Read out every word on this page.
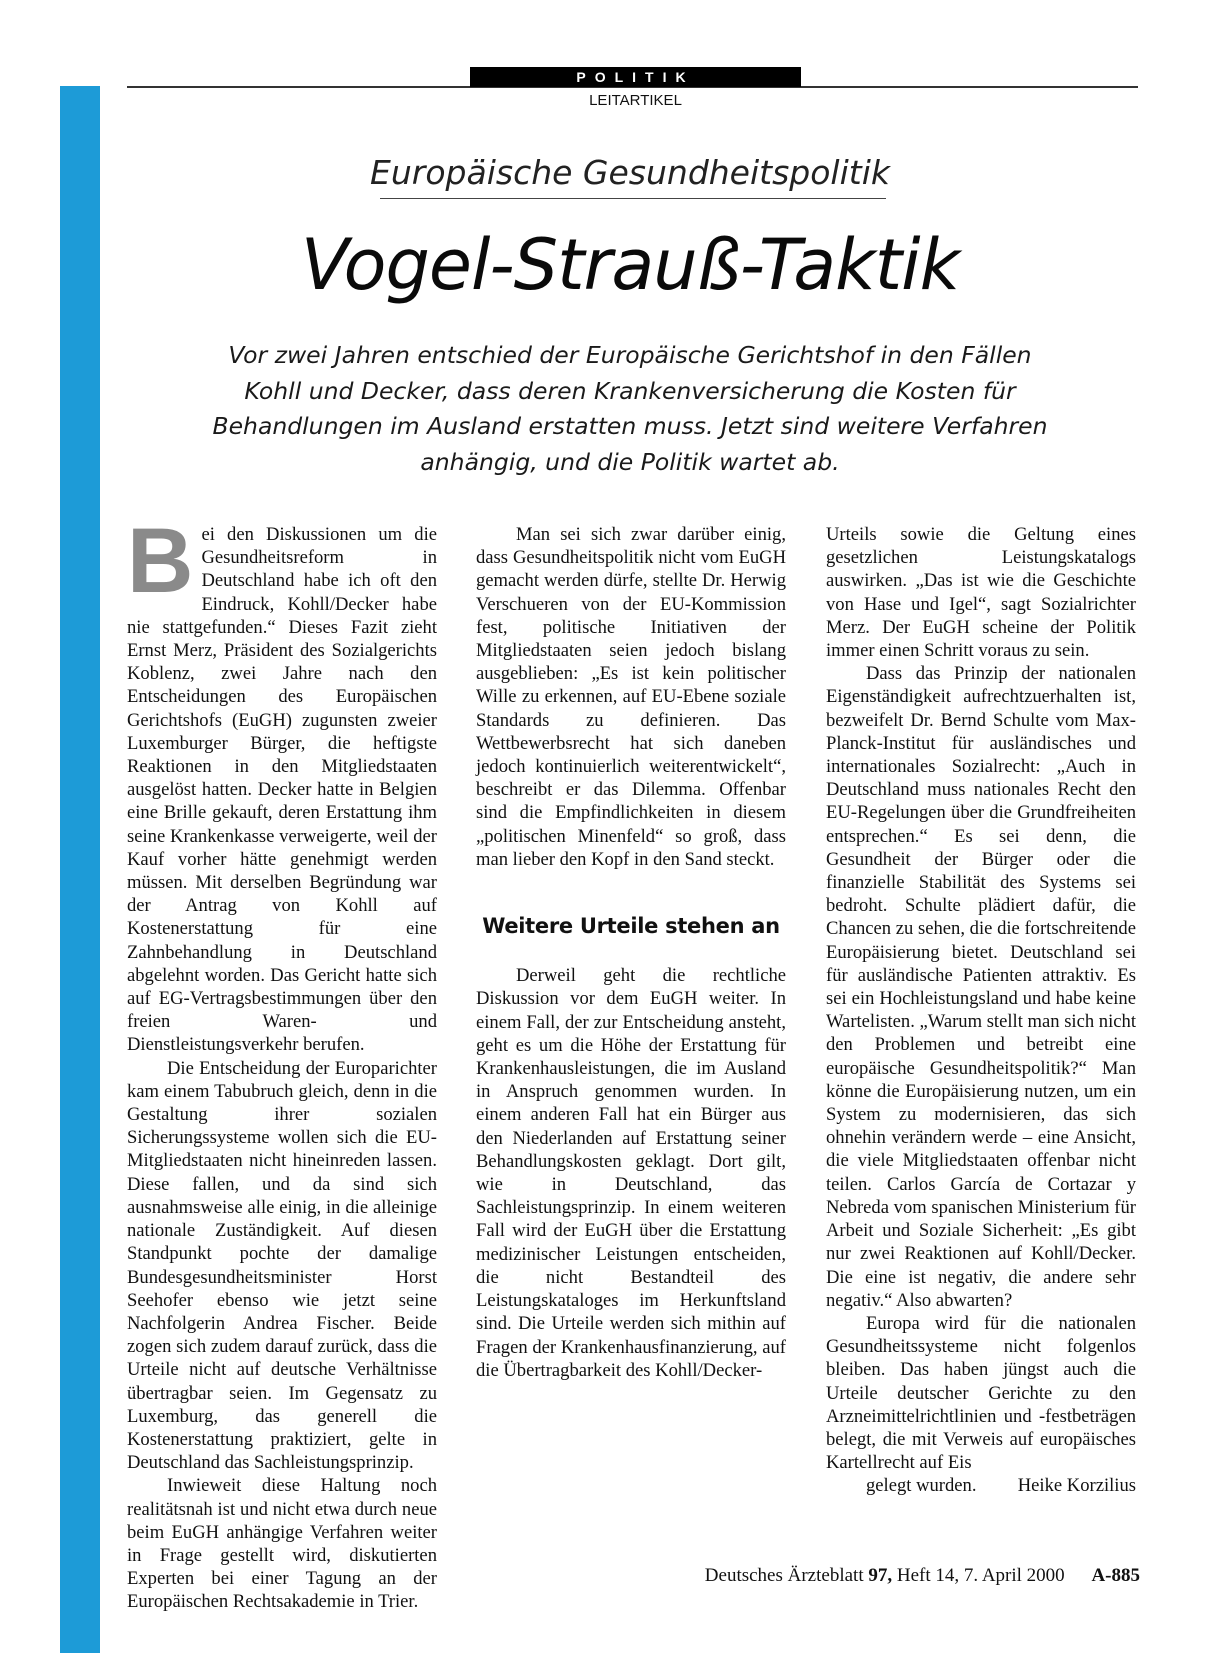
POLITIK
LEITARTIKEL
Europäische Gesundheitspolitik
Vogel-Strauß-Taktik
Vor zwei Jahren entschied der Europäische Gerichtshof in den Fällen Kohll und Decker, dass deren Krankenversicherung die Kosten für Behandlungen im Ausland erstatten muss. Jetzt sind weitere Verfahren anhängig, und die Politik wartet ab.

Bei den Diskussionen um die Gesundheitsreform in Deutschland habe ich oft den Eindruck, Kohll/Decker habe nie stattgefunden.“ Dieses Fazit zieht Ernst Merz, Präsident des Sozialgerichts Koblenz, zwei Jahre nach den Entscheidungen des Europäischen Gerichtshofs (EuGH) zugunsten zweier Luxemburger Bürger, die heftigste Reaktionen in den Mitgliedstaaten ausgelöst hatten. Decker hatte in Belgien eine Brille gekauft, deren Erstattung ihm seine Krankenkasse verweigerte, weil der Kauf vorher hätte genehmigt werden müssen. Mit derselben Begründung war der Antrag von Kohll auf Kostenerstattung für eine Zahnbehandlung in Deutschland abgelehnt worden. Das Gericht hatte sich auf EG-Vertragsbestimmungen über den freien Waren- und Dienstleistungsverkehr berufen.

Die Entscheidung der Europarichter kam einem Tabubruch gleich, denn in die Gestaltung ihrer sozialen Sicherungssysteme wollen sich die EU-Mitgliedstaaten nicht hineinreden lassen. Diese fallen, und da sind sich ausnahmsweise alle einig, in die alleinige nationale Zuständigkeit. Auf diesen Standpunkt pochte der damalige Bundesgesundheitsminister Horst Seehofer ebenso wie jetzt seine Nachfolgerin Andrea Fischer. Beide zogen sich zudem darauf zurück, dass die Urteile nicht auf deutsche Verhältnisse übertragbar seien. Im Gegensatz zu Luxemburg, das generell die Kostenerstattung praktiziert, gelte in Deutschland das Sachleistungsprinzip.

Inwieweit diese Haltung noch realitätsnah ist und nicht etwa durch neue beim EuGH anhängige Verfahren weiter in Frage gestellt wird, diskutierten Experten bei einer Tagung an der Europäischen Rechtsakademie in Trier.

Man sei sich zwar darüber einig, dass Gesundheitspolitik nicht vom EuGH gemacht werden dürfe, stellte Dr. Herwig Verschueren von der EU-Kommission fest, politische Initiativen der Mitgliedstaaten seien jedoch bislang ausgeblieben: „Es ist kein politischer Wille zu erkennen, auf EU-Ebene soziale Standards zu definieren. Das Wettbewerbsrecht hat sich daneben jedoch kontinuierlich weiterentwickelt“, beschreibt er das Dilemma. Offenbar sind die Empfindlichkeiten in diesem „politischen Minenfeld“ so groß, dass man lieber den Kopf in den Sand steckt.

Weitere Urteile stehen an

Derweil geht die rechtliche Diskussion vor dem EuGH weiter. In einem Fall, der zur Entscheidung ansteht, geht es um die Höhe der Erstattung für Krankenhausleistungen, die im Ausland in Anspruch genommen wurden. In einem anderen Fall hat ein Bürger aus den Niederlanden auf Erstattung seiner Behandlungskosten geklagt. Dort gilt, wie in Deutschland, das Sachleistungsprinzip. In einem weiteren Fall wird der EuGH über die Erstattung medizinischer Leistungen entscheiden, die nicht Bestandteil des Leistungskataloges im Herkunftsland sind. Die Urteile werden sich mithin auf Fragen der Krankenhausfinanzierung, auf die Übertragbarkeit des Kohll/Decker-

Urteils sowie die Geltung eines gesetzlichen Leistungskatalogs auswirken. „Das ist wie die Geschichte von Hase und Igel“, sagt Sozialrichter Merz. Der EuGH scheine der Politik immer einen Schritt voraus zu sein.

Dass das Prinzip der nationalen Eigenständigkeit aufrechtzuerhalten ist, bezweifelt Dr. Bernd Schulte vom Max-Planck-Institut für ausländisches und internationales Sozialrecht: „Auch in Deutschland muss nationales Recht den EU-Regelungen über die Grundfreiheiten entsprechen.“ Es sei denn, die Gesundheit der Bürger oder die finanzielle Stabilität des Systems sei bedroht. Schulte plädiert dafür, die Chancen zu sehen, die die fortschreitende Europäisierung bietet. Deutschland sei für ausländische Patienten attraktiv. Es sei ein Hochleistungsland und habe keine Wartelisten. „Warum stellt man sich nicht den Problemen und betreibt eine europäische Gesundheitspolitik?“ Man könne die Europäisierung nutzen, um ein System zu modernisieren, das sich ohnehin verändern werde – eine Ansicht, die viele Mitgliedstaaten offenbar nicht teilen. Carlos García de Cortazar y Nebreda vom spanischen Ministerium für Arbeit und Soziale Sicherheit: „Es gibt nur zwei Reaktionen auf Kohll/Decker. Die eine ist negativ, die andere sehr negativ.“ Also abwarten?

Europa wird für die nationalen Gesundheitssysteme nicht folgenlos bleiben. Das haben jüngst auch die Urteile deutscher Gerichte zu den Arzneimittelrichtlinien und -festbeträgen belegt, die mit Verweis auf europäisches Kartellrecht auf Eis

gelegt wurden.	Heike Korzilius

Deutsches Ärzteblatt 97, Heft 14, 7. April 2000 A-885
